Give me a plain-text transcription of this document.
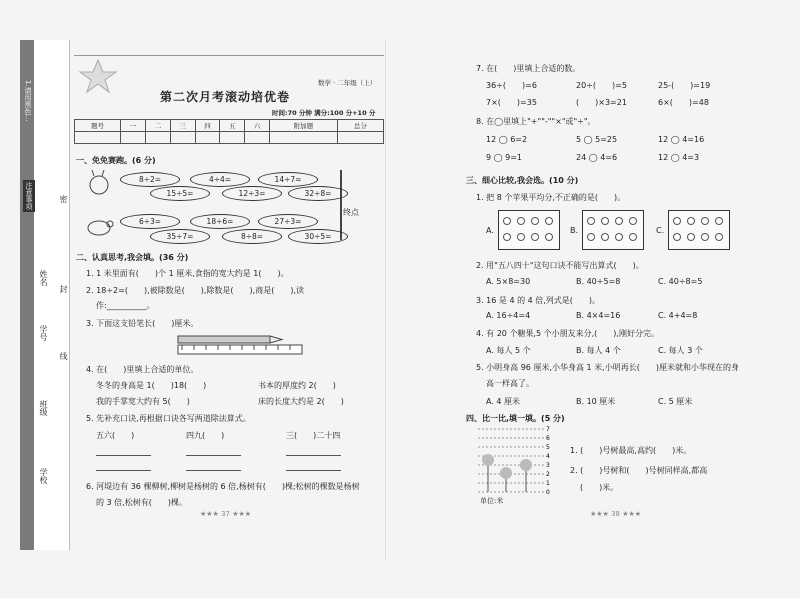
注意事项
1.请用黑色…
姓名
学号
班级
学校
密
封
线
数学 · 二年级（上）
第二次月考滚动培优卷
时间:70 分钟 满分:100 分+10 分
题号	一	二	三	四	五	六	附加题	总分

一、免免赛跑。(6 分)
终点
二、认真思考,我会填。(36 分)
1. 1 米里面有(　　)个 1 厘米,食指的宽大约是 1(　　)。
2. 18÷2=(　　),被除数是(　　),除数是(　　),商是(　　),读
作:__________。
3. 下面这支铅笔长(　　)厘米。
4. 在(　　)里填上合适的单位。
冬冬的身高是 1(　　)18(　　)	书本的厚度约 2(　　)
我的手掌宽大约有 5(　　)	床的长度大约是 2(　　)
5. 先补充口诀,再根据口诀各写两道除法算式。
五六(　　)	四九(　　)	三(　　)二十四
6. 河堤边有 36 棵柳树,柳树是杨树的 6 倍,杨树有(　　)棵;松树的棵数是杨树
的 3 倍,松树有(　　)棵。
★★★ 37 ★★★	★★★ 38 ★★★
7. 在(　　)里填上合适的数。
8. 在◯里填上"+""-""×"或"÷"。
三、细心比较,我会选。(10 分)
1. 把 8 个苹果平均分,不正确的是(　　)。
2. 用"五八四十"这句口诀不能写出算式(　　)。
3. 16 是 4 的 4 倍,列式是(　　)。
4. 有 20 个糖果,5 个小朋友来分,(　　),刚好分完。
5. 小明身高 96 厘米,小华身高 1 米,小明再长(　　)厘米就和小华现在的身
高一样高了。
四、比一比,填一填。(5 分)
7
6
5
4
3
2
1
0
单位:米
1. (　　)号树最高,高约(　　)米。
2. (　　)号树和(　　)号树同样高,都高
(　　)米。
8÷2=	4÷4=	14÷7=
15÷5=	12÷3=	32÷8=
6÷3=	18÷6=	27÷3=
35÷7=	8÷8=	30÷5=
36÷(　　)=6	20÷(　　)=5	25-(　　)=19
7×(　　)=35	(　　)×3=21	6×(　　)=48
12 ◯ 6=2	5 ◯ 5=25	12 ◯ 4=16
9 ◯ 9=1	24 ◯ 4=6	12 ◯ 4=3
A.	B.	C.
A. 5×8=30	B. 40÷5=8	C. 40÷8=5
A. 16÷4=4	B. 4×4=16	C. 4+4=8
A. 每人 5 个	B. 每人 4 个	C. 每人 3 个
A. 4 厘米	B. 10 厘米	C. 5 厘米
